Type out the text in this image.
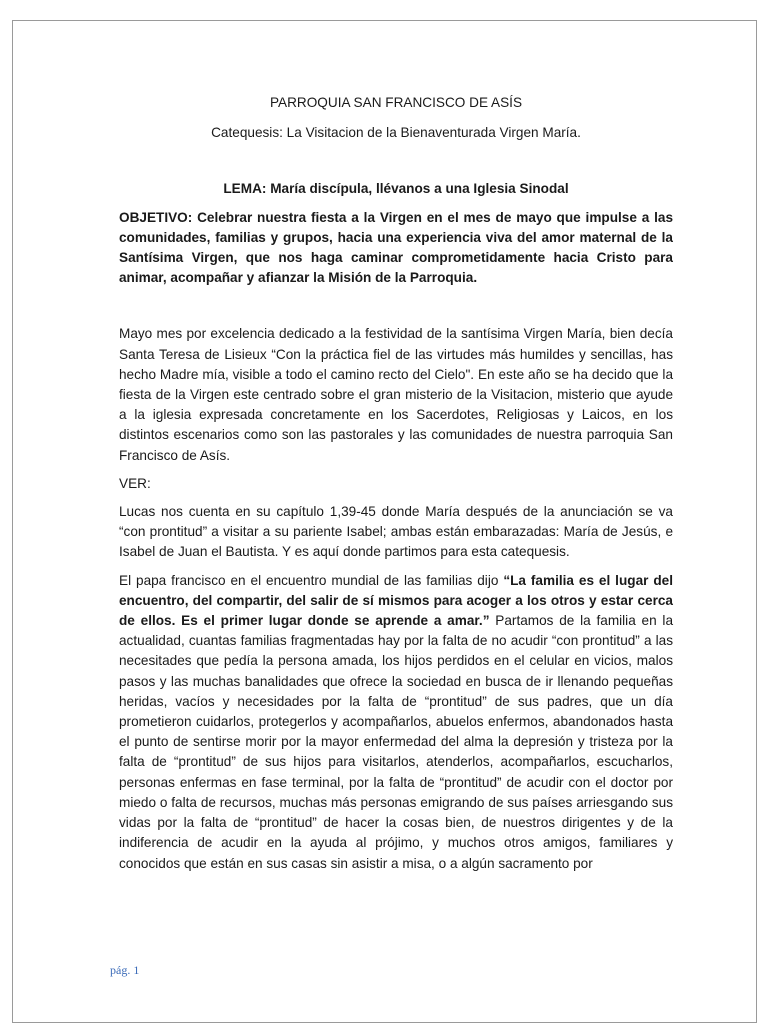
PARROQUIA SAN FRANCISCO DE ASÍS

Catequesis: La Visitacion de la Bienaventurada Virgen María.

LEMA: María discípula, llévanos a una Iglesia Sinodal

OBJETIVO: Celebrar nuestra fiesta a la Virgen en el mes de mayo que impulse a las comunidades, familias y grupos, hacia una experiencia viva del amor maternal de la Santísima Virgen, que nos haga caminar comprometidamente hacia Cristo para animar, acompañar y afianzar la Misión de la Parroquia.

Mayo mes por excelencia dedicado a la festividad de la santísima Virgen María, bien decía Santa Teresa de Lisieux “Con la práctica fiel de las virtudes más humildes y sencillas, has hecho Madre mía, visible a todo el camino recto del Cielo". En este año se ha decido que la fiesta de la Virgen este centrado sobre el gran misterio de la Visitacion, misterio que ayude a la iglesia expresada concretamente en los Sacerdotes, Religiosas y Laicos, en los distintos escenarios como son las pastorales y las comunidades de nuestra parroquia San Francisco de Asís.

VER:

Lucas nos cuenta en su capítulo 1,39-45 donde María después de la anunciación se va “con prontitud” a visitar a su pariente Isabel; ambas están embarazadas: María de Jesús, e Isabel de Juan el Bautista. Y es aquí donde partimos para esta catequesis.

El papa francisco en el encuentro mundial de las familias dijo “La familia es el lugar del encuentro, del compartir, del salir de sí mismos para acoger a los otros y estar cerca de ellos. Es el primer lugar donde se aprende a amar.” Partamos de la familia en la actualidad, cuantas familias fragmentadas hay por la falta de no acudir “con prontitud” a las necesitades que pedía la persona amada, los hijos perdidos en el celular en vicios, malos pasos y las muchas banalidades que ofrece la sociedad en busca de ir llenando pequeñas heridas, vacíos y necesidades por la falta de “prontitud” de sus padres, que un día prometieron cuidarlos, protegerlos y acompañarlos, abuelos enfermos, abandonados hasta el punto de sentirse morir por la mayor enfermedad del alma la depresión y tristeza por la falta de “prontitud” de sus hijos para visitarlos, atenderlos, acompañarlos, escucharlos, personas enfermas en fase terminal, por la falta de “prontitud” de acudir con el doctor por miedo o falta de recursos, muchas más personas emigrando de sus países arriesgando sus vidas por la falta de “prontitud” de hacer la cosas bien, de nuestros dirigentes y de la indiferencia de acudir en la ayuda al prójimo, y muchos otros amigos, familiares y conocidos que están en sus casas sin asistir a misa, o a algún sacramento por

pág. 1
